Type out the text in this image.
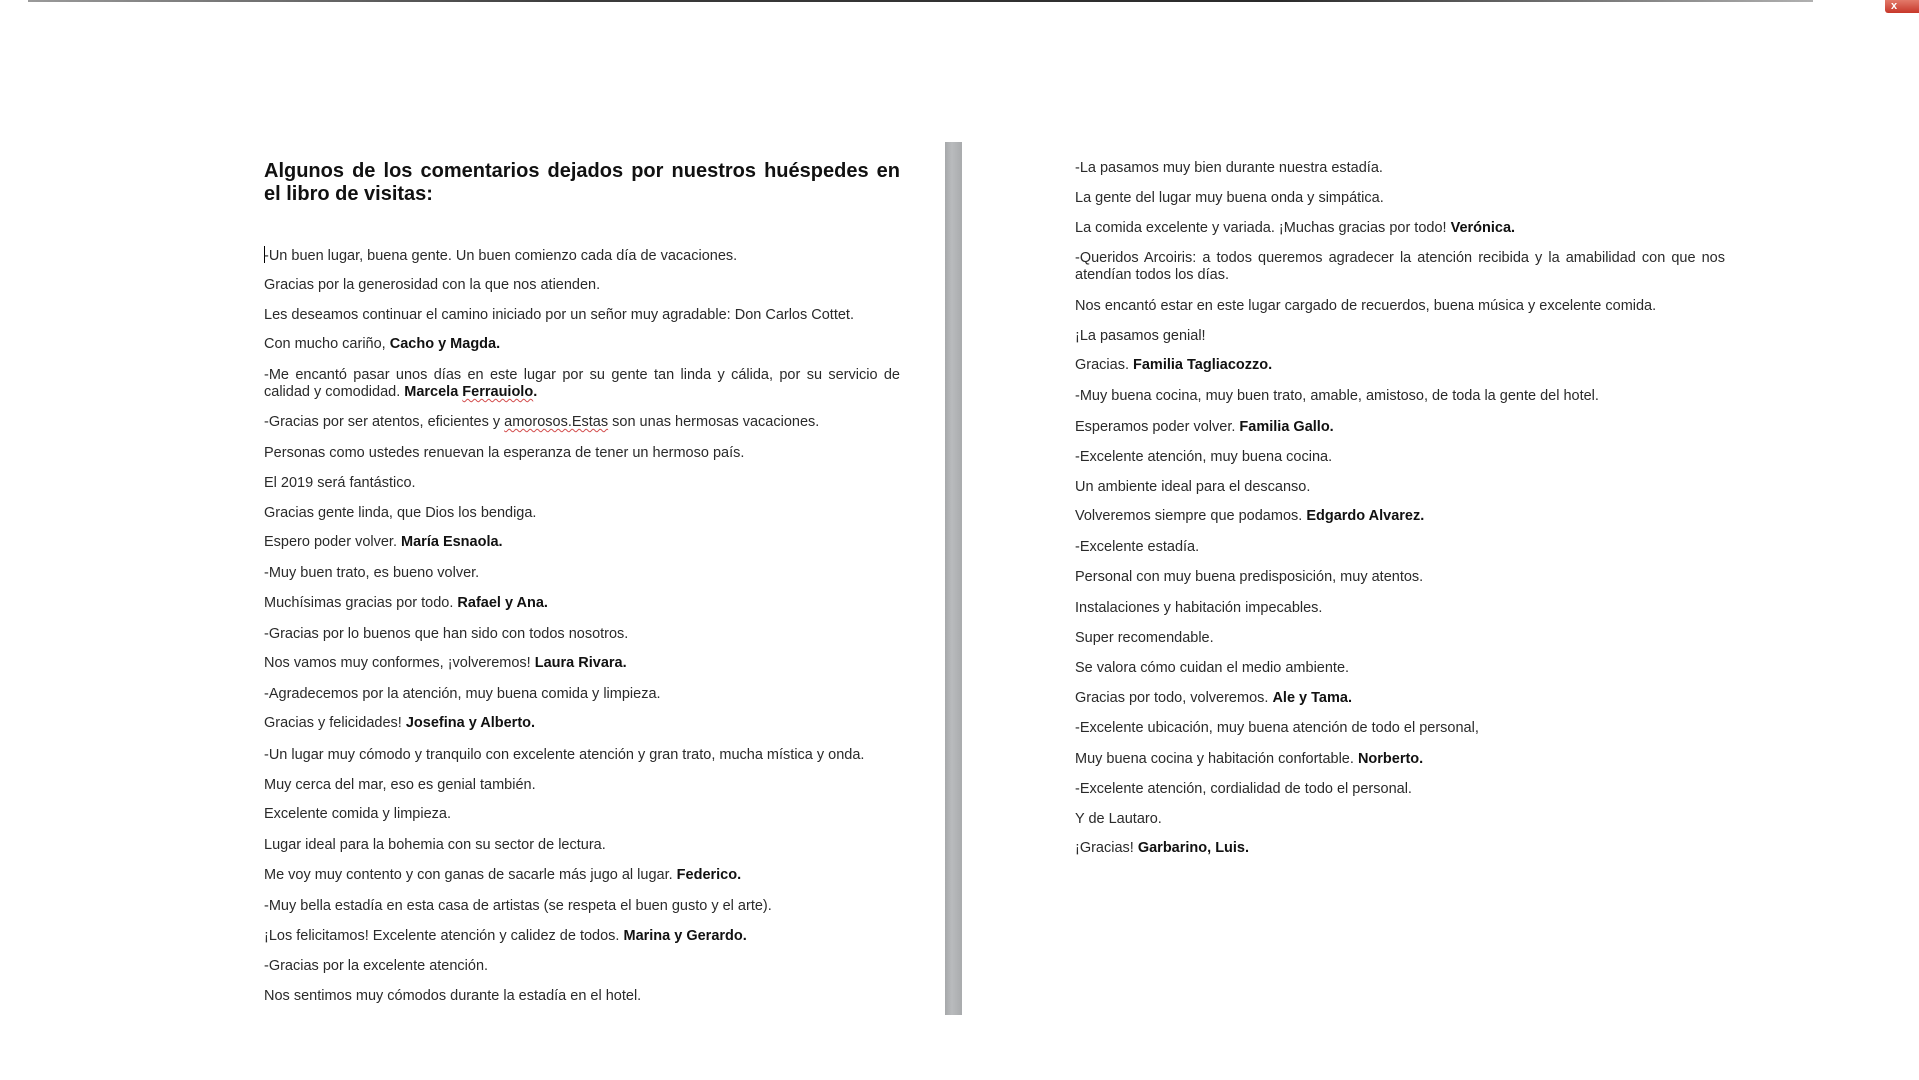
x
Algunos de los comentarios dejados por nuestros huéspedes en el libro de visitas:
-Un buen lugar, buena gente. Un buen comienzo cada día de vacaciones.
Gracias por la generosidad con la que nos atienden.
Les deseamos continuar el camino iniciado por un señor muy agradable: Don Carlos Cottet.
Con mucho cariño, Cacho y Magda.
-Me encantó pasar unos días en este lugar por su gente tan linda y cálida, por su servicio de calidad y comodidad. Marcela Ferrauiolo.
-Gracias por ser atentos, eficientes y amorosos.Estas son unas hermosas vacaciones.
Personas como ustedes renuevan la esperanza de tener un hermoso país.
El 2019 será fantástico.
Gracias gente linda, que Dios los bendiga.
Espero poder volver. María Esnaola.
-Muy buen trato, es bueno volver.
Muchísimas gracias por todo. Rafael y Ana.
-Gracias por lo buenos que han sido con todos nosotros.
Nos vamos muy conformes, ¡volveremos! Laura Rivara.
-Agradecemos por la atención, muy buena comida y limpieza.
Gracias y felicidades! Josefina y Alberto.
-Un lugar muy cómodo y tranquilo con excelente atención y gran trato, mucha mística y onda.
Muy cerca del mar, eso es genial también.
Excelente comida y limpieza.
Lugar ideal para la bohemia con su sector de lectura.
Me voy muy contento y con ganas de sacarle más jugo al lugar. Federico.
-Muy bella estadía en esta casa de artistas (se respeta el buen gusto y el arte).
¡Los felicitamos! Excelente atención y calidez de todos. Marina y Gerardo.
-Gracias por la excelente atención.
Nos sentimos muy cómodos durante la estadía en el hotel.
-La pasamos muy bien durante nuestra estadía.
La gente del lugar muy buena onda y simpática.
La comida excelente y variada. ¡Muchas gracias por todo! Verónica.
-Queridos Arcoiris: a todos queremos agradecer la atención recibida y la amabilidad con que nos atendían todos los días.
Nos encantó estar en este lugar cargado de recuerdos, buena música y excelente comida.
¡La pasamos genial!
Gracias. Familia Tagliacozzo.
-Muy buena cocina, muy buen trato, amable, amistoso, de toda la gente del hotel.
Esperamos poder volver. Familia Gallo.
-Excelente atención, muy buena cocina.
Un ambiente ideal para el descanso.
Volveremos siempre que podamos. Edgardo Alvarez.
-Excelente estadía.
Personal con muy buena predisposición, muy atentos.
Instalaciones y habitación impecables.
Super recomendable.
Se valora cómo cuidan el medio ambiente.
Gracias por todo, volveremos. Ale y Tama.
-Excelente ubicación, muy buena atención de todo el personal,
Muy buena cocina y habitación confortable. Norberto.
-Excelente atención, cordialidad de todo el personal.
Y de Lautaro.
¡Gracias! Garbarino, Luis.
